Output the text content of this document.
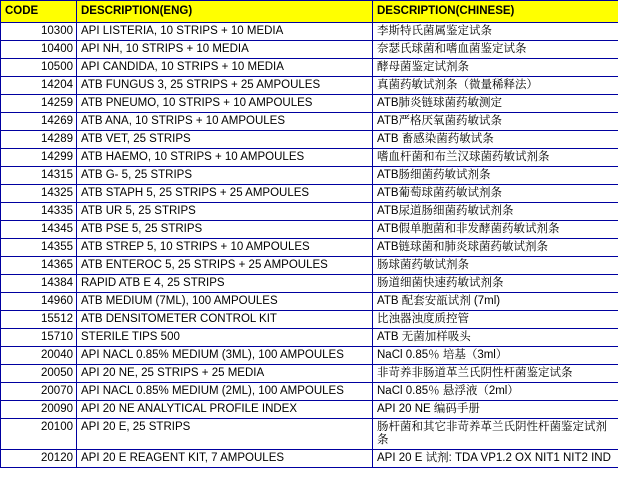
CODE	DESCRIPTION(ENG)	DESCRIPTION(CHINESE)
10300	API LISTERIA, 10 STRIPS + 10 MEDIA	李斯特氏菌属鉴定试条
10400	API NH, 10 STRIPS + 10 MEDIA	奈瑟氏球菌和嗜血菌鉴定试条
10500	API CANDIDA, 10 STRIPS + 10 MEDIA	酵母菌鉴定试剂条
14204	ATB FUNGUS 3, 25 STRIPS + 25 AMPOULES	真菌药敏试剂条（微量稀释法）
14259	ATB PNEUMO, 10 STRIPS + 10 AMPOULES	ATB肺炎链球菌药敏测定
14269	ATB ANA, 10 STRIPS + 10 AMPOULES	ATB严格厌氧菌药敏试条
14289	ATB VET, 25 STRIPS	ATB 畜感染菌药敏试条
14299	ATB HAEMO, 10 STRIPS + 10 AMPOULES	嗜血杆菌和布兰汉球菌药敏试剂条
14315	ATB G- 5, 25 STRIPS	ATB肠细菌药敏试剂条
14325	ATB STAPH 5, 25 STRIPS + 25 AMPOULES	ATB葡萄球菌药敏试剂条
14335	ATB UR 5, 25 STRIPS	ATB尿道肠细菌药敏试剂条
14345	ATB PSE 5, 25 STRIPS	ATB假单胞菌和非发酵菌药敏试剂条
14355	ATB STREP 5, 10 STRIPS + 10 AMPOULES	ATB链球菌和肺炎球菌药敏试剂条
14365	ATB ENTEROC 5, 25 STRIPS + 25 AMPOULES	肠球菌药敏试剂条
14384	RAPID ATB E 4, 25 STRIPS	肠道细菌快速药敏试剂条
14960	ATB MEDIUM (7ML), 100 AMPOULES	ATB 配套安瓿试剂 (7ml)
15512	ATB DENSITOMETER CONTROL KIT	比浊器浊度质控管
15710	STERILE TIPS 500	ATB 无菌加样吸头
20040	API NACL 0.85% MEDIUM (3ML), 100 AMPOULES	NaCl 0.85％ 培基（3ml）
20050	API 20 NE, 25 STRIPS + 25 MEDIA	非苛养非肠道革兰氏阴性杆菌鉴定试条
20070	API NACL 0.85% MEDIUM (2ML), 100 AMPOULES	NaCl 0.85％ 悬浮液（2ml）
20090	API 20 NE ANALYTICAL PROFILE INDEX	API 20 NE 编码手册
20100	API 20 E, 25 STRIPS	肠杆菌和其它非苛养革兰氏阴性杆菌鉴定试剂条
20120	API 20 E REAGENT KIT, 7 AMPOULES	API 20 E 试剂: TDA VP1.2 OX NIT1 NIT2 IND
